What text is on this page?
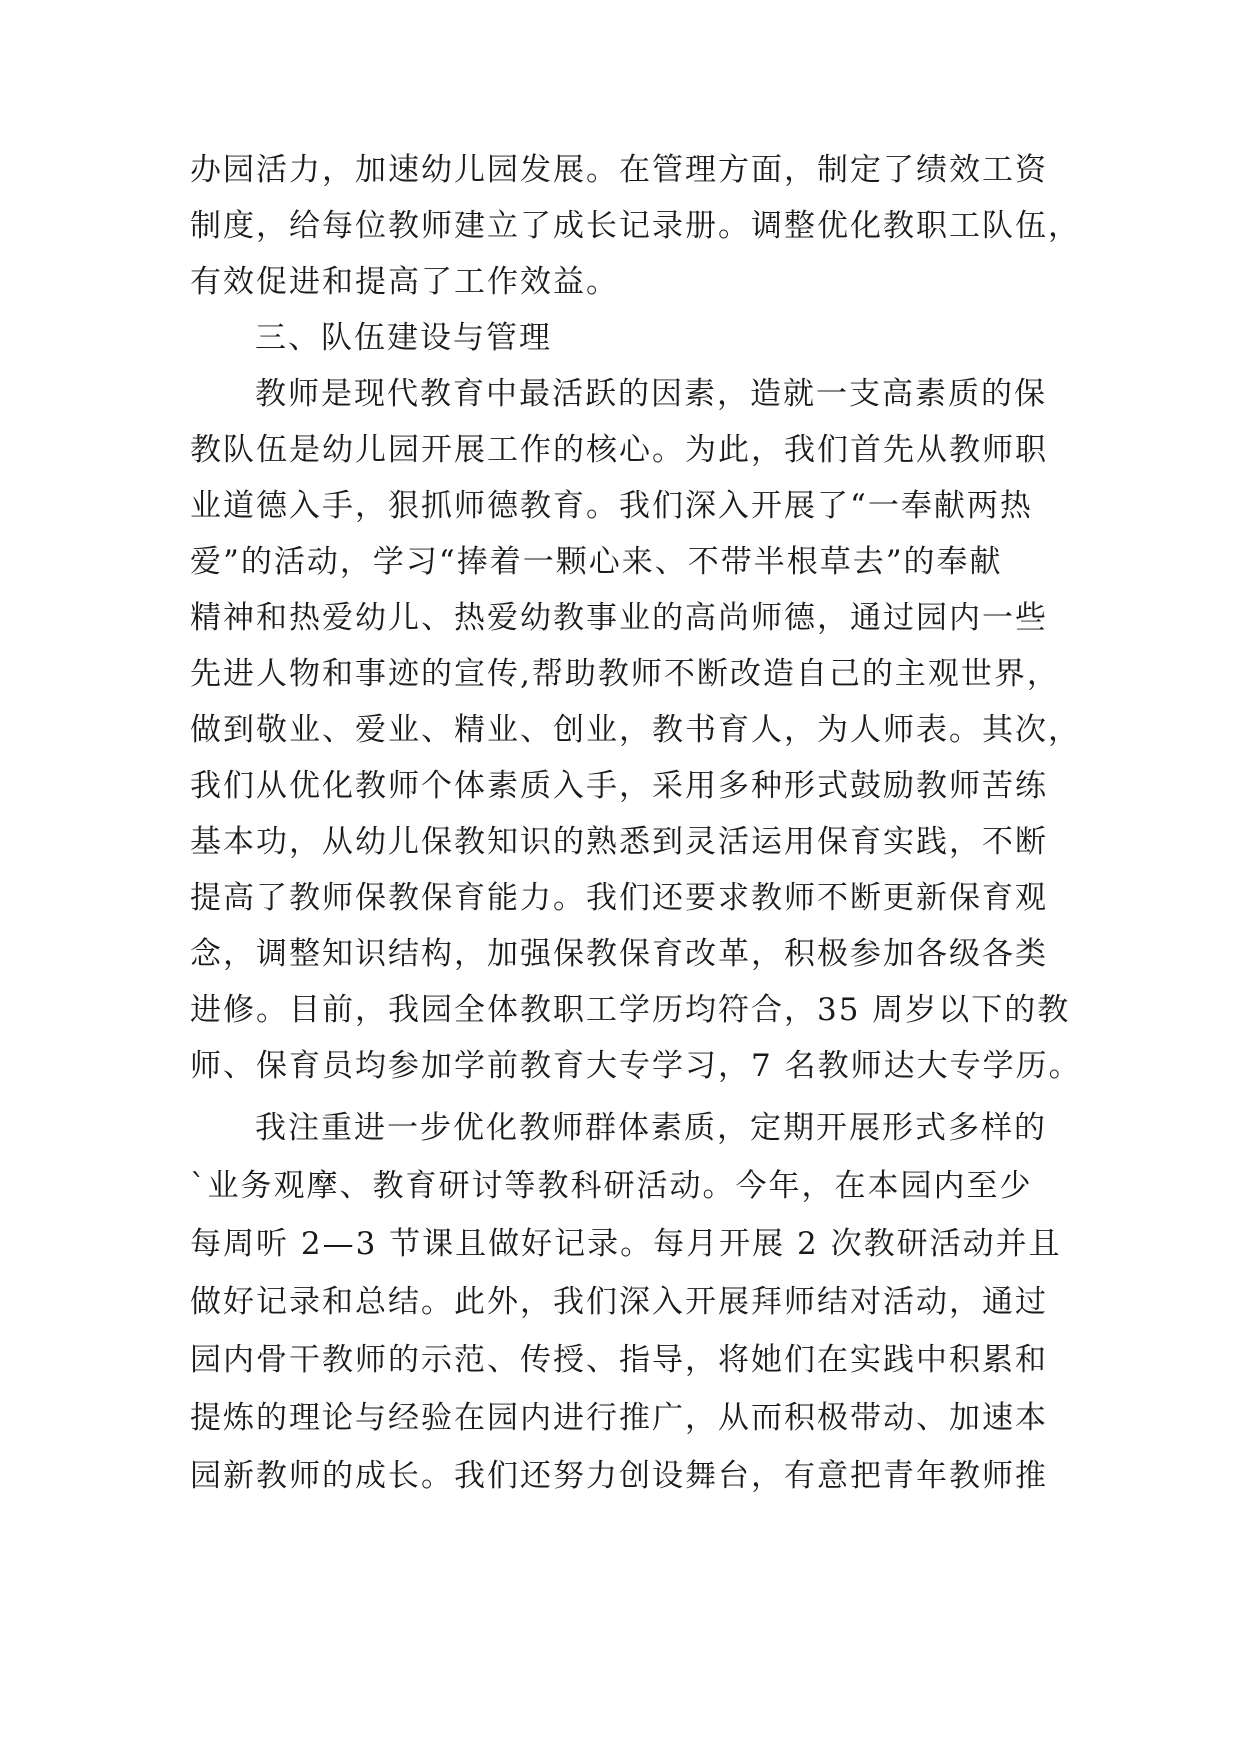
办园活力，加速幼儿园发展。在管理方面，制定了绩效工资
制度，给每位教师建立了成长记录册。调整优化教职工队伍，
有效促进和提高了工作效益。
三、队伍建设与管理
教师是现代教育中最活跃的因素，造就一支高素质的保
教队伍是幼儿园开展工作的核心。为此，我们首先从教师职
业道德入手，狠抓师德教育。我们深入开展了“一奉献两热
爱”的活动，学习“捧着一颗心来、不带半根草去”的奉献
精神和热爱幼儿、热爱幼教事业的高尚师德，通过园内一些
先进人物和事迹的宣传,帮助教师不断改造自己的主观世界，
做到敬业、爱业、精业、创业，教书育人，为人师表。其次，
我们从优化教师个体素质入手，采用多种形式鼓励教师苦练
基本功，从幼儿保教知识的熟悉到灵活运用保育实践，不断
提高了教师保教保育能力。我们还要求教师不断更新保育观
念，调整知识结构，加强保教保育改革，积极参加各级各类
进修。目前，我园全体教职工学历均符合，35 周岁以下的教
师、保育员均参加学前教育大专学习，7 名教师达大专学历。
我注重进一步优化教师群体素质，定期开展形式多样的
`业务观摩、教育研讨等教科研活动。今年，在本园内至少
每周听 2—3 节课且做好记录。每月开展 2 次教研活动并且
做好记录和总结。此外，我们深入开展拜师结对活动，通过
园内骨干教师的示范、传授、指导，将她们在实践中积累和
提炼的理论与经验在园内进行推广，从而积极带动、加速本
园新教师的成长。我们还努力创设舞台，有意把青年教师推
